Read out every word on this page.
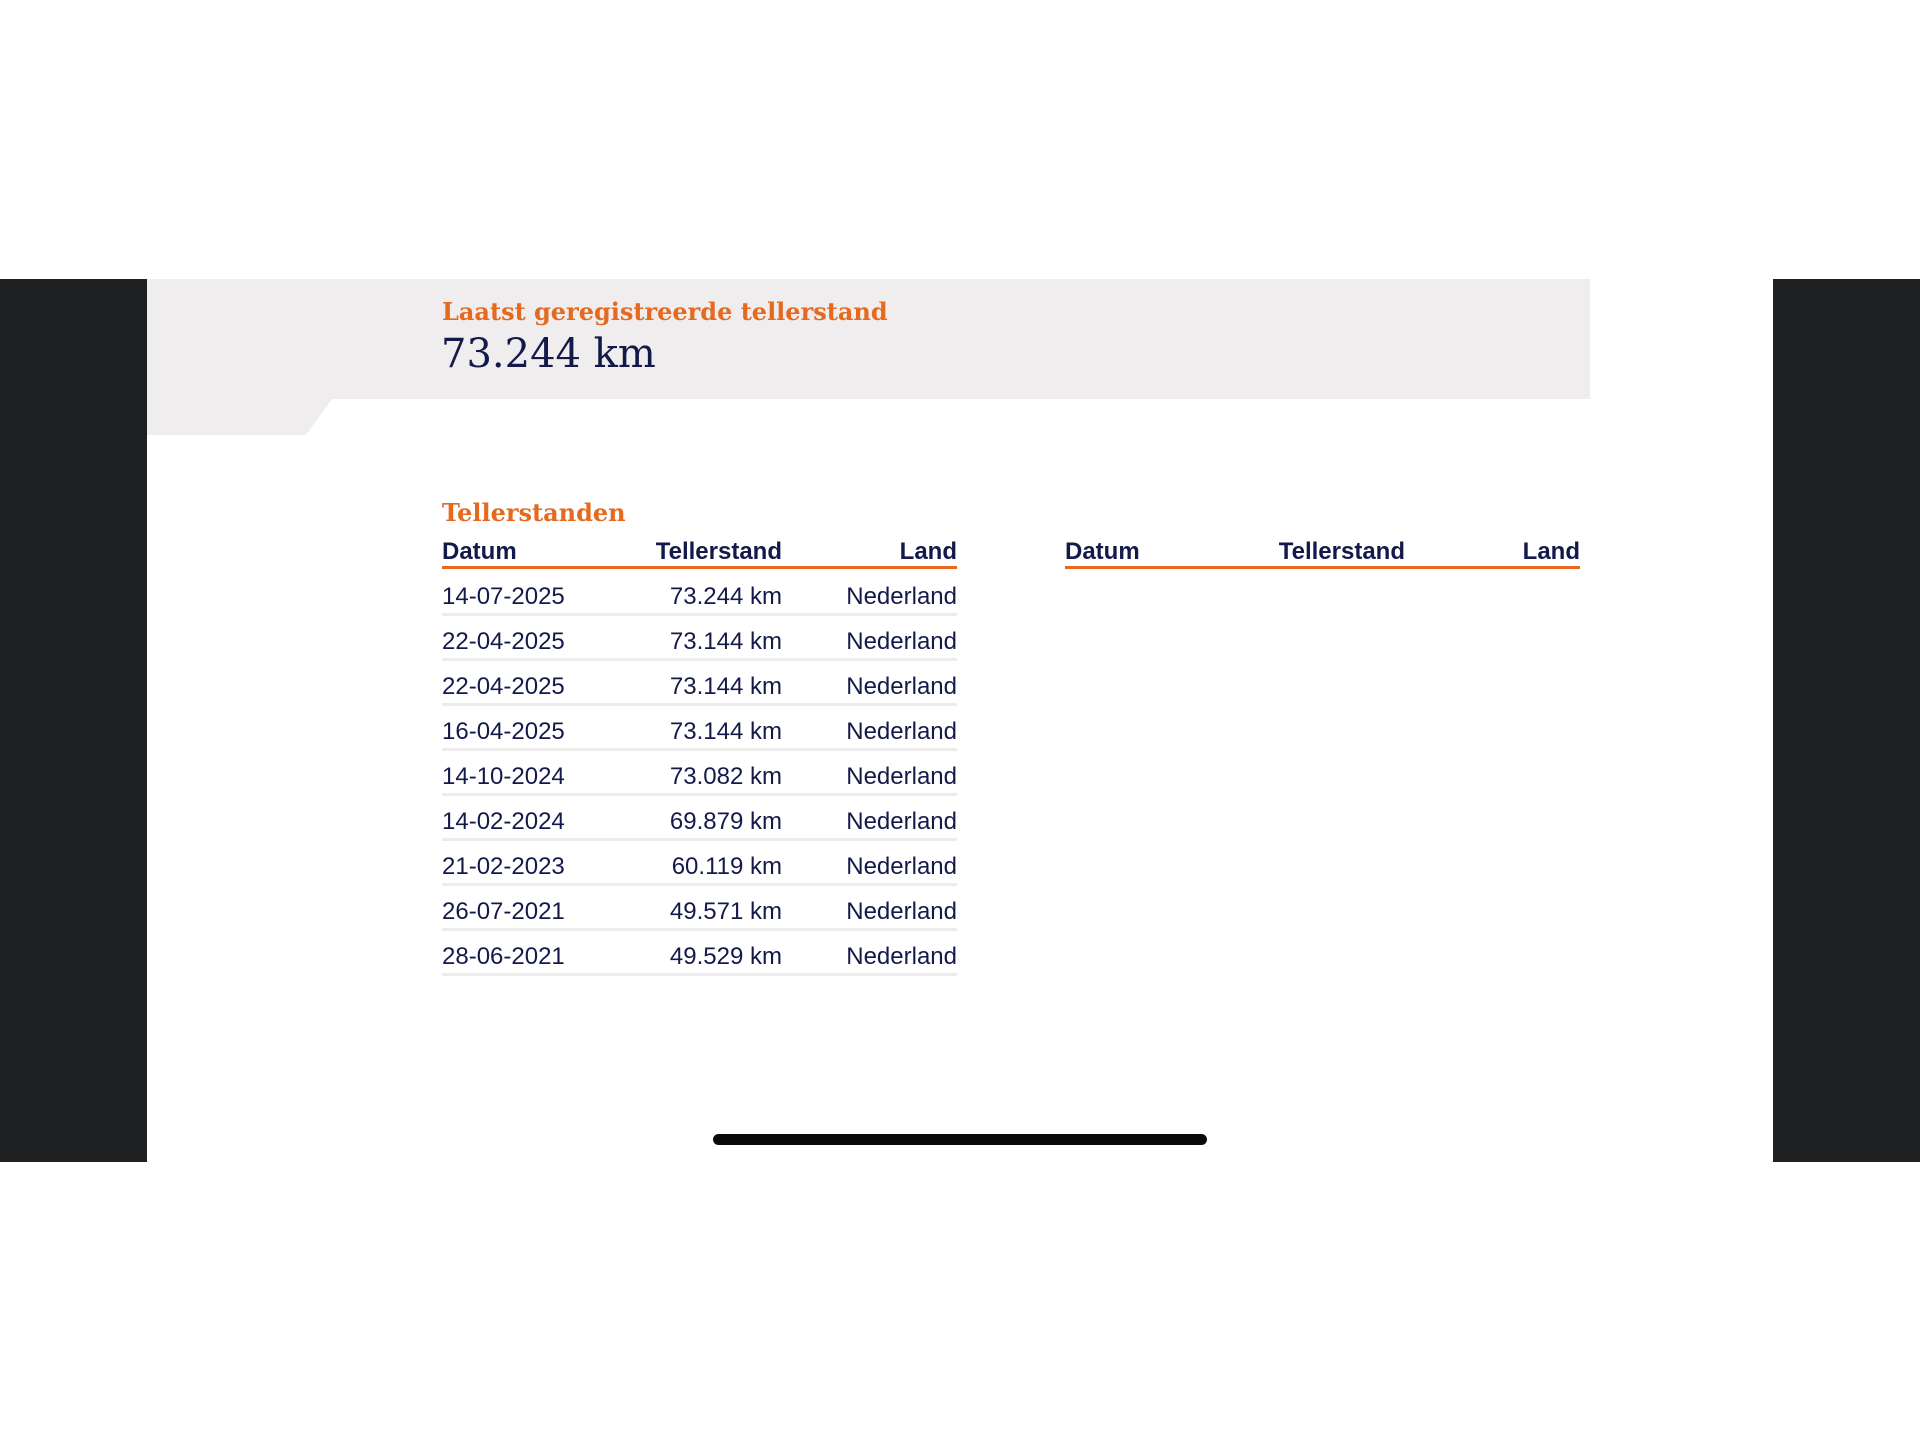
Laatst geregistreerde tellerstand
73.244 km
Tellerstanden
Datum	Tellerstand	Land
14-07-2025	73.244 km	Nederland
22-04-2025	73.144 km	Nederland
22-04-2025	73.144 km	Nederland
16-04-2025	73.144 km	Nederland
14-10-2024	73.082 km	Nederland
14-02-2024	69.879 km	Nederland
21-02-2023	60.119 km	Nederland
26-07-2021	49.571 km	Nederland
28-06-2021	49.529 km	Nederland
Datum	Tellerstand	Land
